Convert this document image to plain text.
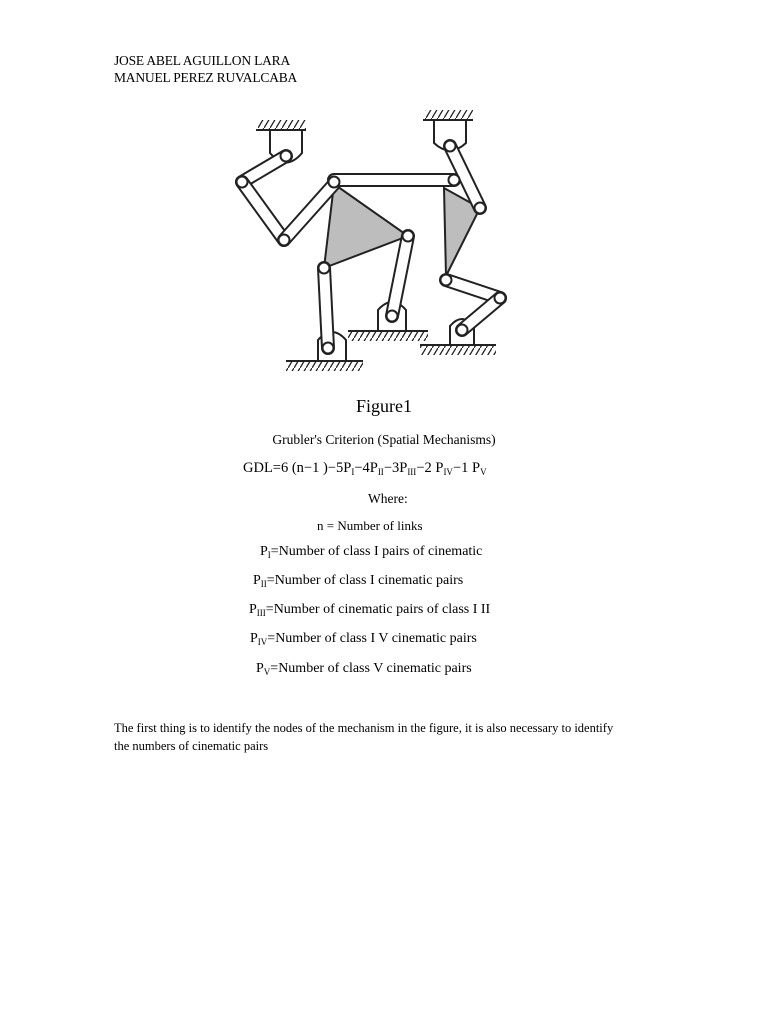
JOSE ABEL AGUILLON LARA
MANUEL PEREZ RUVALCABA
Figure1
Grubler's Criterion (Spatial Mechanisms)
GDL=6 (n−1 )$-5P_I-4P_{II}-3P_{III}-2$ $P_{IV}-1$ $P_V$
Where:
n = Number of links
$P_I=Number$ of class I pairs of cinematic
$P_{II}=Number$ of class I cinematic pairs
$P_{III}=Number$ of cinematic pairs of class I II
$P_{IV}=Number$ of class I V cinematic pairs
$P_V=Number$ of class V cinematic pairs
The first thing is to identify the nodes of the mechanism in the figure, it is also necessary to identify the numbers of cinematic pairs
